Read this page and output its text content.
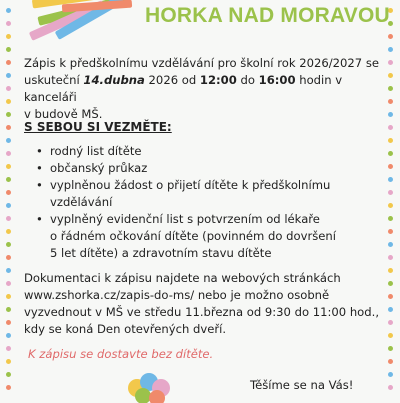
HORKA NAD MORAVOU
Zápis k předškolnímu vzdělávání pro školní rok 2026/2027 se
uskuteční 14.dubna 2026 od 12:00 do 16:00 hodin v kanceláři
v budově MŠ.
S SEBOU SI VEZMĚTE:
• rodný list dítěte
• občanský průkaz
• vyplněnou žádost o přijetí dítěte k předškolnímu
vzdělávání
• vyplněný evidenční list s potvrzením od lékaře
o řádném očkování dítěte (povinném do dovršení
5 let dítěte) a zdravotním stavu dítěte
Dokumentaci k zápisu najdete na webových stránkách
www.zshorka.cz/zapis-do-ms/ nebo je možno osobně
vyzvednout v MŠ ve středu 11.března od 9:30 do 11:00 hod.,
kdy se koná Den otevřených dveří.
K zápisu se dostavte bez dítěte.
Těšíme se na Vás!
